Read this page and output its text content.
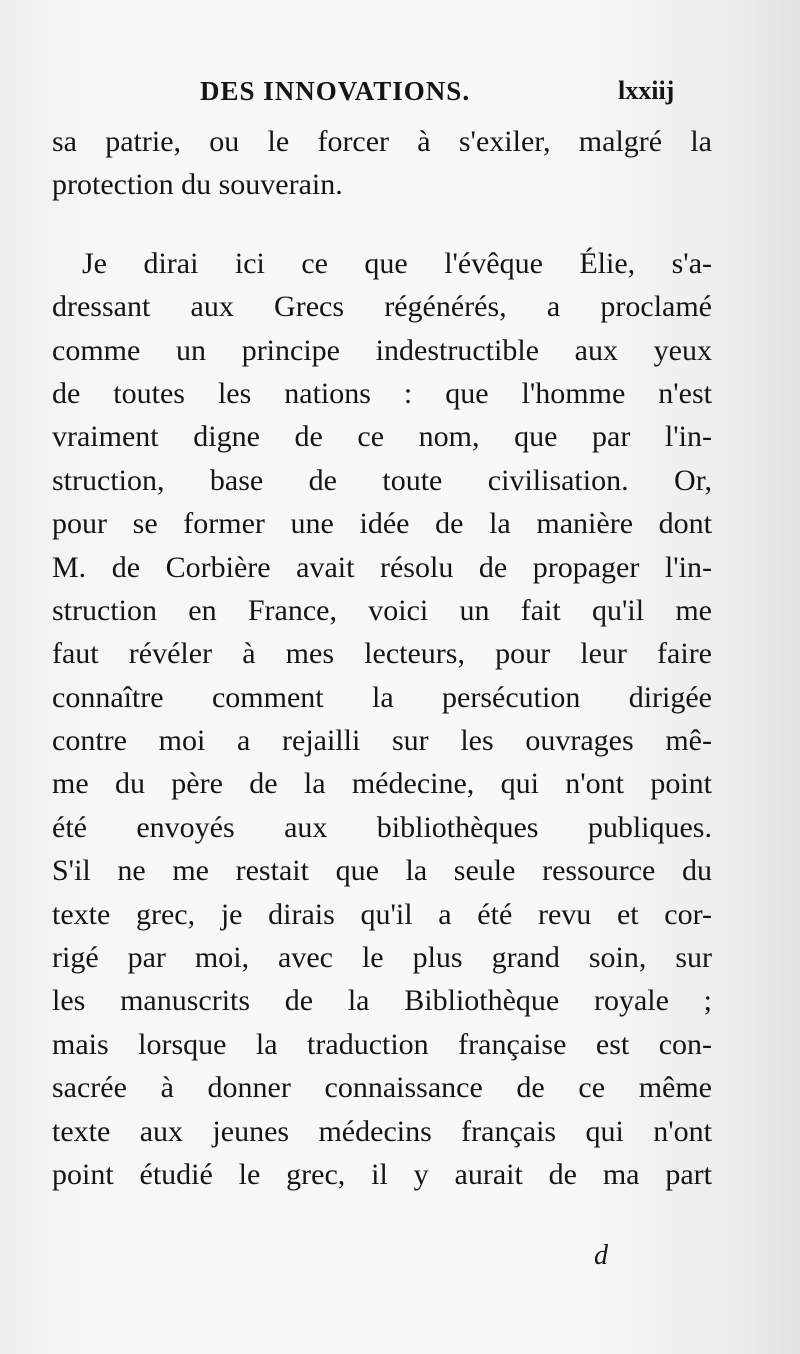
DES INNOVATIONS.	lxxiij
sa patrie, ou le forcer à s'exiler, malgré la
protection du souverain.
Je dirai ici ce que l'évêque Élie, s'a-
dressant aux Grecs régénérés, a proclamé
comme un principe indestructible aux yeux
de toutes les nations : que l'homme n'est
vraiment digne de ce nom, que par l'in-
struction, base de toute civilisation. Or,
pour se former une idée de la manière dont
M. de Corbière avait résolu de propager l'in-
struction en France, voici un fait qu'il me
faut révéler à mes lecteurs, pour leur faire
connaître comment la persécution dirigée
contre moi a rejailli sur les ouvrages mê-
me du père de la médecine, qui n'ont point
été envoyés aux bibliothèques publiques.
S'il ne me restait que la seule ressource du
texte grec, je dirais qu'il a été revu et cor-
rigé par moi, avec le plus grand soin, sur
les manuscrits de la Bibliothèque royale ;
mais lorsque la traduction française est con-
sacrée à donner connaissance de ce même
texte aux jeunes médecins français qui n'ont
point étudié le grec, il y aurait de ma part
d
